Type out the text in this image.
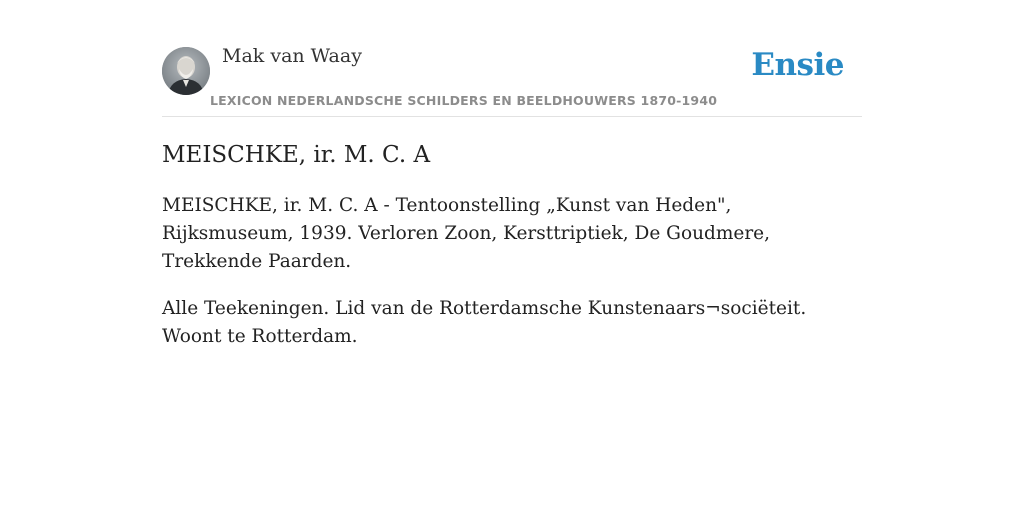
Mak van Waay
LEXICON NEDERLANDSCHE SCHILDERS EN BEELDHOUWERS 1870-1940
Ensie
MEISCHKE, ir. M. C. A

MEISCHKE, ir. M. C. A - Tentoonstelling „Kunst van Heden", Rijksmuseum, 1939. Verloren Zoon, Kersttriptiek, De Goudmere, Trekkende Paarden.

Alle Teekeningen. Lid van de Rotterdamsche Kunstenaars¬sociëteit. Woont te Rotterdam.
